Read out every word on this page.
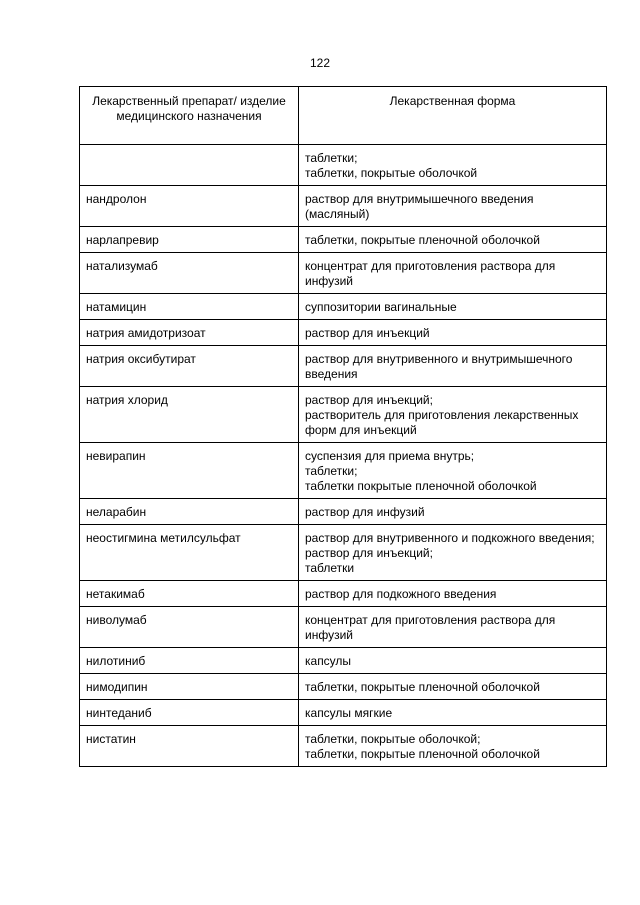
122
Лекарственный препарат/ изделие медицинского назначения	Лекарственная форма

	таблетки;
таблетки, покрытые оболочкой

нандролон	раствор для внутримышечного введения (масляный)

нарлапревир	таблетки, покрытые пленочной оболочкой

натализумаб	концентрат для приготовления раствора для инфузий

натамицин	суппозитории вагинальные

натрия амидотризоат	раствор для инъекций

натрия оксибутират	раствор для внутривенного и внутримышечного введения

натрия хлорид	раствор для инъекций;
растворитель для приготовления лекарственных форм для инъекций

невирапин	суспензия для приема внутрь;
таблетки;
таблетки покрытые пленочной оболочкой

неларабин	раствор для инфузий

неостигмина метилсульфат	раствор для внутривенного и подкожного введения;
раствор для инъекций;
таблетки

нетакимаб	раствор для подкожного введения

ниволумаб	концентрат для приготовления раствора для инфузий

нилотиниб	капсулы

нимодипин	таблетки, покрытые пленочной оболочкой

нинтеданиб	капсулы мягкие

нистатин	таблетки, покрытые оболочкой;
таблетки, покрытые пленочной оболочкой
